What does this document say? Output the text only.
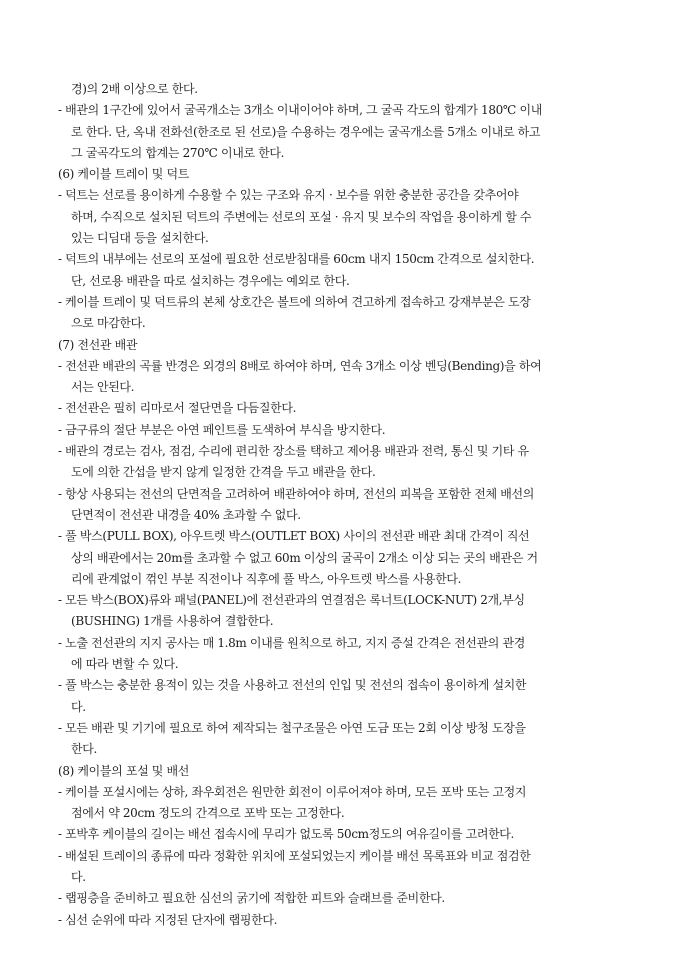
경)의 2배 이상으로 한다.
- 배관의 1구간에 있어서 굴곡개소는 3개소 이내이어야 하며, 그 굴곡 각도의 합계가 180℃ 이내
로 한다. 단, 옥내 전화선(한조로 된 선로)을 수용하는 경우에는 굴곡개소를 5개소 이내로 하고
그 굴곡각도의 합계는 270℃ 이내로 한다.
(6) 케이블 트레이 및 덕트
- 덕트는 선로를 용이하게 수용할 수 있는 구조와 유지 · 보수를 위한 충분한 공간을 갖추어야
하며, 수직으로 설치된 덕트의 주변에는 선로의 포설 · 유지 및 보수의 작업을 용이하게 할 수
있는 디딤대 등을 설치한다.
- 덕트의 내부에는 선로의 포설에 필요한 선로받침대를 60cm 내지 150cm 간격으로 설치한다.
단, 선로용 배관을 따로 설치하는 경우에는 예외로 한다.
- 케이블 트레이 및 덕트류의 본체 상호간은 볼트에 의하여 견고하게 접속하고 강재부분은 도장
으로 마감한다.
(7) 전선관 배관
- 전선관 배관의 곡률 반경은 외경의 8배로 하여야 하며, 연속 3개소 이상 벤딩(Bending)을 하여
서는 안된다.
- 전선관은 필히 리마로서 절단면을 다듬질한다.
- 금구류의 절단 부분은 아연 페인트를 도색하여 부식을 방지한다.
- 배관의 경로는 검사, 점검, 수리에 편리한 장소를 택하고 제어용 배관과 전력, 통신 및 기타 유
도에 의한 간섭을 받지 않게 일정한 간격을 두고 배관을 한다.
- 항상 사용되는 전선의 단면적을 고려하여 배관하여야 하며, 전선의 피복을 포함한 전체 배선의
단면적이 전선관 내경을 40% 초과할 수 없다.
- 풀 박스(PULL BOX), 아우트렛 박스(OUTLET BOX) 사이의 전선관 배관 최대 간격이 직선
상의 배관에서는 20m를 초과할 수 없고 60m 이상의 굴곡이 2개소 이상 되는 곳의 배관은 거
리에 관계없이 꺾인 부분 직전이나 직후에 풀 박스, 아우트렛 박스를 사용한다.
- 모든 박스(BOX)류와 패널(PANEL)에 전선관과의 연결점은 록너트(LOCK-NUT) 2개,부싱
(BUSHING) 1개를 사용하여 결합한다.
- 노출 전선관의 지지 공사는 매 1.8m 이내를 원칙으로 하고, 지지 증설 간격은 전선관의 관경
에 따라 변할 수 있다.
- 풀 박스는 충분한 용적이 있는 것을 사용하고 전선의 인입 및 전선의 접속이 용이하게 설치한
다.
- 모든 배관 및 기기에 필요로 하여 제작되는 철구조물은 아연 도금 또는 2회 이상 방청 도장을
한다.
(8) 케이블의 포설 및 배선
- 케이블 포설시에는 상하, 좌우회전은 원만한 회전이 이루어져야 하며, 모든 포박 또는 고정지
점에서 약 20cm 정도의 간격으로 포박 또는 고정한다.
- 포박후 케이블의 길이는 배선 접속시에 무리가 없도록 50cm정도의 여유길이를 고려한다.
- 배설된 트레이의 종류에 따라 정확한 위치에 포설되었는지 케이블 배선 목록표와 비교 점검한
다.
- 랩핑층을 준비하고 필요한 심선의 굵기에 적합한 피트와 슬래브를 준비한다.
- 심선 순위에 따라 지정된 단자에 랩핑한다.
